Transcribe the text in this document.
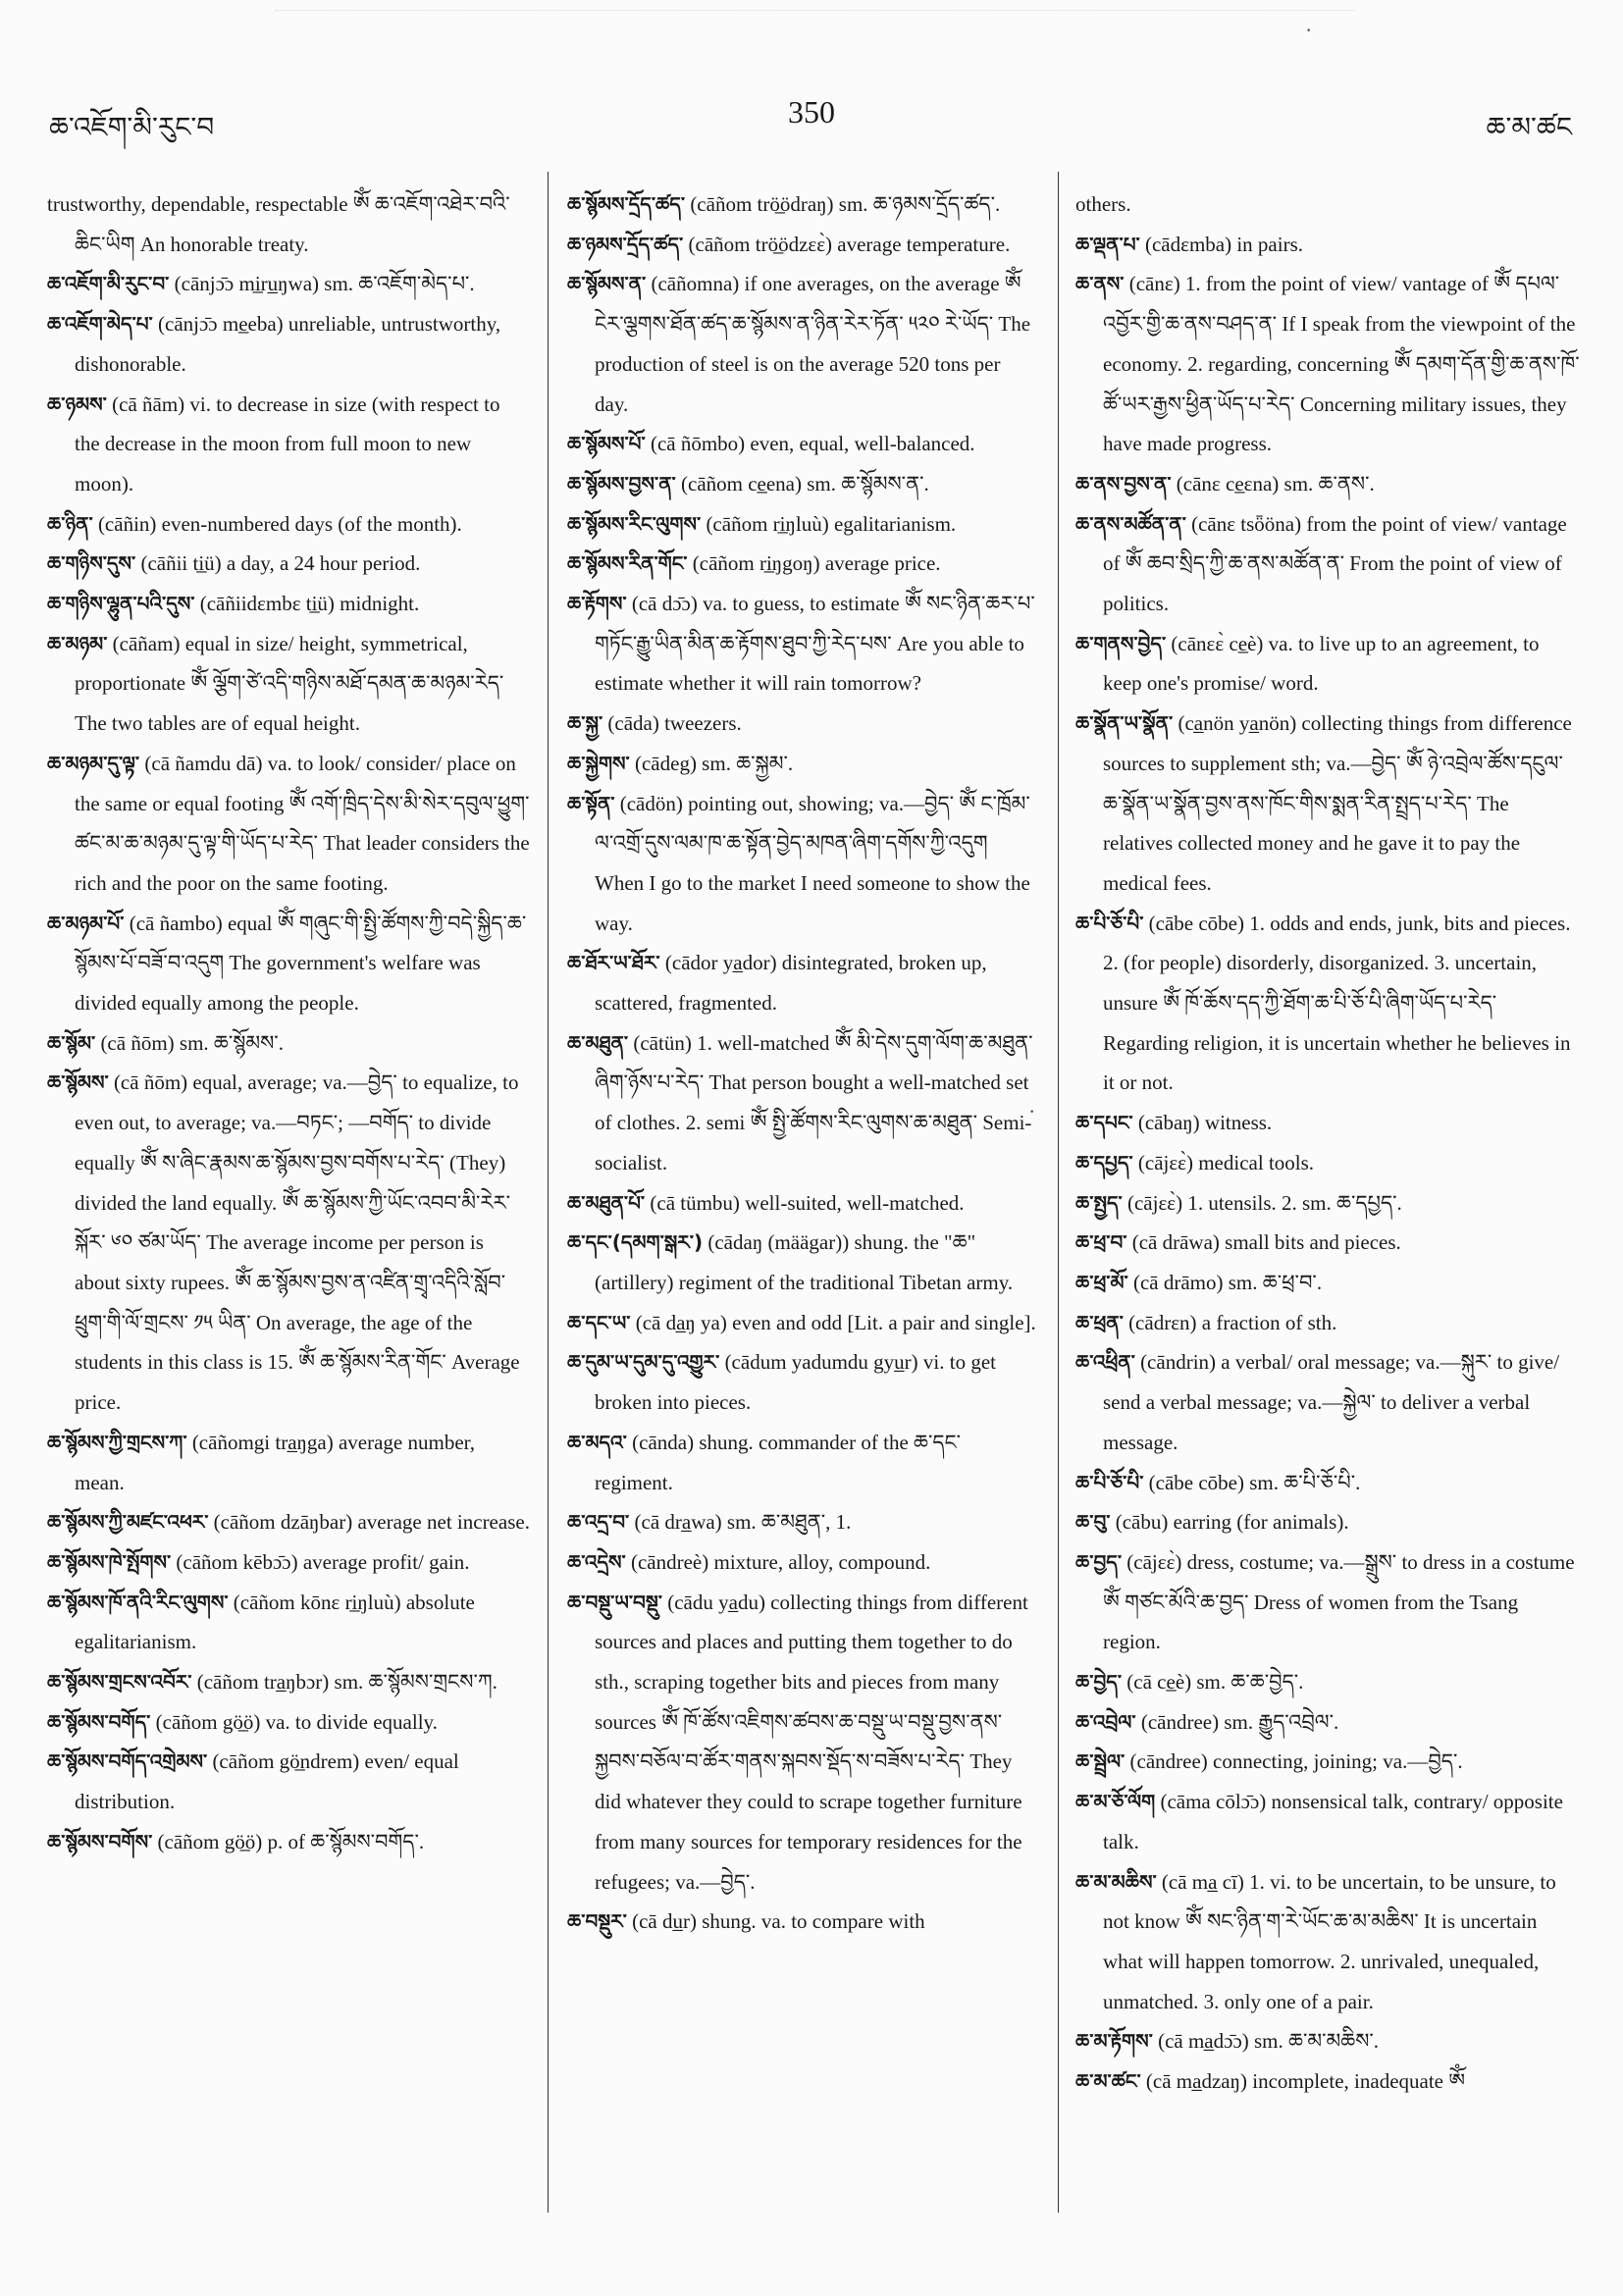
ཆ་འཇོག་མི་རུང་བ	350	ཆ་མ་ཚང
trustworthy, dependable, respectable ༀ ཆ་འཇོག་འཐེར་བའི་ཆིང་ཡིག An honorable treaty.
ཆ་འཇོག་མི་རུང་བ་ (cānjɔ̄ɔ mi̲ru̲ŋwa) sm. ཆ་འཇོག་མེད་པ་.
ཆ་འཇོག་མེད་པ་ (cānjɔ̄ɔ me̲eba) unreliable, untrustworthy, dishonorable.
ཆ་ཉམས་ (cā ñām) vi. to decrease in size (with respect to the decrease in the moon from full moon to new moon).
ཆ་ཉིན་ (cāñin) even-numbered days (of the month).
ཆ་གཉིས་དུས་ (cāñii ti̲ü) a day, a 24 hour period.
ཆ་གཉིས་ལྷུན་པའི་དུས་ (cāñiidɛmbɛ ti̲ü) midnight.
ཆ་མཉམ་ (cāñam) equal in size/ height, symmetrical, proportionate ༀ ལྕོག་ཙེ་འདི་གཉིས་མཐོ་དམན་ཆ་མཉམ་རེད་ The two tables are of equal height.
ཆ་མཉམ་དུ་ལྟ་ (cā ñamdu dā) va. to look/ consider/ place on the same or equal footing ༀ འགོ་ཁྲིད་དེས་མི་སེར་དབུལ་ཕྱུག་ཚང་མ་ཆ་མཉམ་དུ་ལྟ་གི་ཡོད་པ་རེད་ That leader considers the rich and the poor on the same footing.
ཆ་མཉམ་པོ་ (cā ñambo) equal ༀ གཞུང་གི་སྤྱི་ཚོགས་ཀྱི་བདེ་སྐྱིད་ཆ་སྙོམས་པོ་བཟོ་བ་འདུག The government's welfare was divided equally among the people.
ཆ་སྙོམ་ (cā ñōm) sm. ཆ་སྙོམས་.
ཆ་སྙོམས་ (cā ñōm) equal, average; va.—བྱེད་ to equalize, to even out, to average; va.—བཏང་; —བགོད་ to divide equally ༀ ས་ཞིང་རྣམས་ཆ་སྙོམས་བྱས་བགོས་པ་རེད་ (They) divided the land equally. ༀ ཆ་སྙོམས་ཀྱི་ཡོང་འབབ་མི་རེར་སྐོར་ ༦༠ ཙམ་ཡོད་ The average income per person is about sixty rupees. ༀ ཆ་སྙོམས་བྱས་ན་འཛིན་གྲྭ་འདིའི་སློབ་ཕྲུག་གི་ལོ་གྲངས་ ༡༥ ཡིན་ On average, the age of the students in this class is 15. ༀ ཆ་སྙོམས་རིན་གོང་ Average price.
ཆ་སྙོམས་ཀྱི་གྲངས་ཀ་ (cāñomgi tra̲ŋga) average number, mean.
ཆ་སྙོམས་ཀྱི་མཛང་འཕར་ (cāñom dzāŋbar) average net increase.
ཆ་སྙོམས་ཁེ་སྤོགས་ (cāñom kēbɔ̄ɔ) average profit/ gain.
ཆ་སྙོམས་ཁོ་ནའི་རིང་ལུགས་ (cāñom kōnɛ ri̲ŋluù) absolute egalitarianism.
ཆ་སྙོམས་གྲངས་འབོར་ (cāñom tra̲ŋbɔr) sm. ཆ་སྙོམས་གྲངས་ཀ.
ཆ་སྙོམས་བགོད་ (cāñom gö̲ö) va. to divide equally.
ཆ་སྙོམས་བགོད་འགྲེམས་ (cāñom gö̲ndrem) even/ equal distribution.
ཆ་སྙོམས་བགོས་ (cāñom gö̲ö) p. of ཆ་སྙོམས་བགོད་.
ཆ་སྙོམས་དྲོད་ཚད་ (cāñom trö̲ödraŋ) sm. ཆ་ཉམས་དྲོད་ཚད་.
ཆ་ཉམས་དྲོད་ཚད་ (cāñom trö̲ödzɛɛ̀) average temperature.
ཆ་སྙོམས་ན་ (cāñomna) if one averages, on the average ༀ ངེར་ལྕགས་ཐོན་ཚད་ཆ་སྙོམས་ན་ཉིན་རེར་ཏོན་ ༥༢༠ རེ་ཡོད་ The production of steel is on the average 520 tons per day.
ཆ་སྙོམས་པོ་ (cā ñōmbo) even, equal, well-balanced.
ཆ་སྙོམས་བྱས་ན་ (cāñom ce̲ena) sm. ཆ་སྙོམས་ན་.
ཆ་སྙོམས་རིང་ལུགས་ (cāñom ri̲ŋluù) egalitarianism.
ཆ་སྙོམས་རིན་གོང་ (cāñom ri̲ŋgoŋ) average price.
ཆ་རྟོགས་ (cā dɔ̄ɔ) va. to guess, to estimate ༀ སང་ཉིན་ཆར་པ་གཏོང་རྒྱུ་ཡིན་མིན་ཆ་རྟོགས་ཐུབ་ཀྱི་རེད་པས་ Are you able to estimate whether it will rain tomorrow?
ཆ་སྐྱ་ (cāda) tweezers.
ཆ་སྐྱེགས་ (cādeg) sm. ཆ་སྐྱམ་.
ཆ་སྟོན་ (cādön) pointing out, showing; va.—བྱེད་ ༀ ང་ཁྲོམ་ལ་འགྲོ་དུས་ལམ་ཁ་ཆ་སྟོན་བྱེད་མཁན་ཞིག་དགོས་ཀྱི་འདུག When I go to the market I need someone to show the way.
ཆ་ཐོར་ཡ་ཐོར་ (cādor ya̲dor) disintegrated, broken up, scattered, fragmented.
ཆ་མཐུན་ (cātün) 1. well-matched ༀ མི་དེས་དུག་ལོག་ཆ་མཐུན་ཞིག་ཉོས་པ་རེད་ That person bought a well-matched set of clothes. 2. semi ༀ སྤྱི་ཚོགས་རིང་ལུགས་ཆ་མཐུན་ Semi-socialist.
ཆ་མཐུན་པོ་ (cā tümbu) well-suited, well-matched.
ཆ་དང་(དམག་སྒར་) (cādaŋ (määgar)) shung. the "ཆ" (artillery) regiment of the traditional Tibetan army.
ཆ་དང་ཡ་ (cā da̲ŋ ya) even and odd [Lit. a pair and single].
ཆ་དུམ་ཡ་དུམ་དུ་འགྱུར་ (cādum yadumdu gyu̲r) vi. to get broken into pieces.
ཆ་མདའ་ (cānda) shung. commander of the ཆ་དང་ regiment.
ཆ་འདྲ་བ་ (cā dra̲wa) sm. ཆ་མཐུན་, 1.
ཆ་འདྲེས་ (cāndreè) mixture, alloy, compound.
ཆ་བསྡུ་ཡ་བསྡུ་ (cādu ya̲du) collecting things from different sources and places and putting them together to do sth., scraping together bits and pieces from many sources ༀ ཁོ་ཚོས་འཇིགས་ཚབས་ཆ་བསྡུ་ཡ་བསྡུ་བྱས་ནས་སྐྱབས་བཅོལ་བ་ཚོར་གནས་སྐབས་སྡོད་ས་བཟོས་པ་རེད་ They did whatever they could to scrape together furniture from many sources for temporary residences for the refugees; va.—བྱེད་.
ཆ་བསྡུར་ (cā du̲r) shung. va. to compare with
others.
ཆ་ལྡན་པ་ (cādɛmba) in pairs.
ཆ་ནས་ (cānɛ) 1. from the point of view/ vantage of ༀ དཔལ་འབྱོར་གྱི་ཆ་ནས་བཤད་ན་ If I speak from the viewpoint of the economy. 2. regarding, concerning ༀ དམག་དོན་གྱི་ཆ་ནས་ཁོ་ཚོ་ཡར་རྒྱས་ཕྱིན་ཡོད་པ་རེད་ Concerning military issues, they have made progress.
ཆ་ནས་བྱས་ན་ (cānɛ ce̲ɛna) sm. ཆ་ནས་.
ཆ་ནས་མཚོན་ན་ (cānɛ tsȫöna) from the point of view/ vantage of ༀ ཆབ་སྲིད་ཀྱི་ཆ་ནས་མཚོན་ན་ From the point of view of politics.
ཆ་གནས་བྱེད་ (cānɛɛ̀ ce̲è) va. to live up to an agreement, to keep one's promise/ word.
ཆ་སྣོན་ཡ་སྣོན་ (ca̲nön ya̲nön) collecting things from difference sources to supplement sth; va.—བྱེད་ ༀ ཉེ་འབྲེལ་ཚོས་དངུལ་ཆ་སྣོན་ཡ་སྣོན་བྱས་ནས་ཁོང་གིས་སྨན་རིན་སྤྲད་པ་རེད་ The relatives collected money and he gave it to pay the medical fees.
ཆ་པི་ཅོ་པི་ (cābe cōbe) 1. odds and ends, junk, bits and pieces. 2. (for people) disorderly, disorganized. 3. uncertain, unsure ༀ ཁོ་ཆོས་དད་ཀྱི་ཐོག་ཆ་པི་ཅོ་པི་ཞིག་ཡོད་པ་རེད་ Regarding religion, it is uncertain whether he believes in it or not.
ཆ་དཔང་ (cābaŋ) witness.
ཆ་དཔྱད་ (cājɛɛ̀) medical tools.
ཆ་སྤྱད་ (cājɛɛ̀) 1. utensils. 2. sm. ཆ་དཔྱད་.
ཆ་ཕྲ་བ་ (cā drāwa) small bits and pieces.
ཆ་ཕྲ་མོ་ (cā drāmo) sm. ཆ་ཕྲ་བ་.
ཆ་ཕྲན་ (cādrɛn) a fraction of sth.
ཆ་འཕྲིན་ (cāndrin) a verbal/ oral message; va.—སྐུར་ to give/ send a verbal message; va.—སྐྱེལ་ to deliver a verbal message.
ཆ་པི་ཅོ་པི་ (cābe cōbe) sm. ཆ་པི་ཅོ་པི་.
ཆ་བུ་ (cābu) earring (for animals).
ཆ་བྱད་ (cājɛɛ̀) dress, costume; va.—སྒྲུས་ to dress in a costume ༀ གཙང་མོའི་ཆ་བྱད་ Dress of women from the Tsang region.
ཆ་བྱེད་ (cā ce̲è) sm. ཆ་ཆ་བྱེད་.
ཆ་འབྲེལ་ (cāndree) sm. རྒྱུད་འབྲེལ་.
ཆ་སྦྲེལ་ (cāndree) connecting, joining; va.—བྱེད་.
ཆ་མ་ཅོ་ལོག (cāma cōlɔ̄ɔ) nonsensical talk, contrary/ opposite talk.
ཆ་མ་མཆིས་ (cā ma̲ cī) 1. vi. to be uncertain, to be unsure, to not know ༀ སང་ཉིན་ག་རེ་ཡོང་ཆ་མ་མཆིས་ It is uncertain what will happen tomorrow. 2. unrivaled, unequaled, unmatched. 3. only one of a pair.
ཆ་མ་རྟོགས་ (cā ma̲dɔ̄ɔ) sm. ཆ་མ་མཆིས་.
ཆ་མ་ཚང་ (cā ma̲dzaŋ) incomplete, inadequate ༀ
·
·
